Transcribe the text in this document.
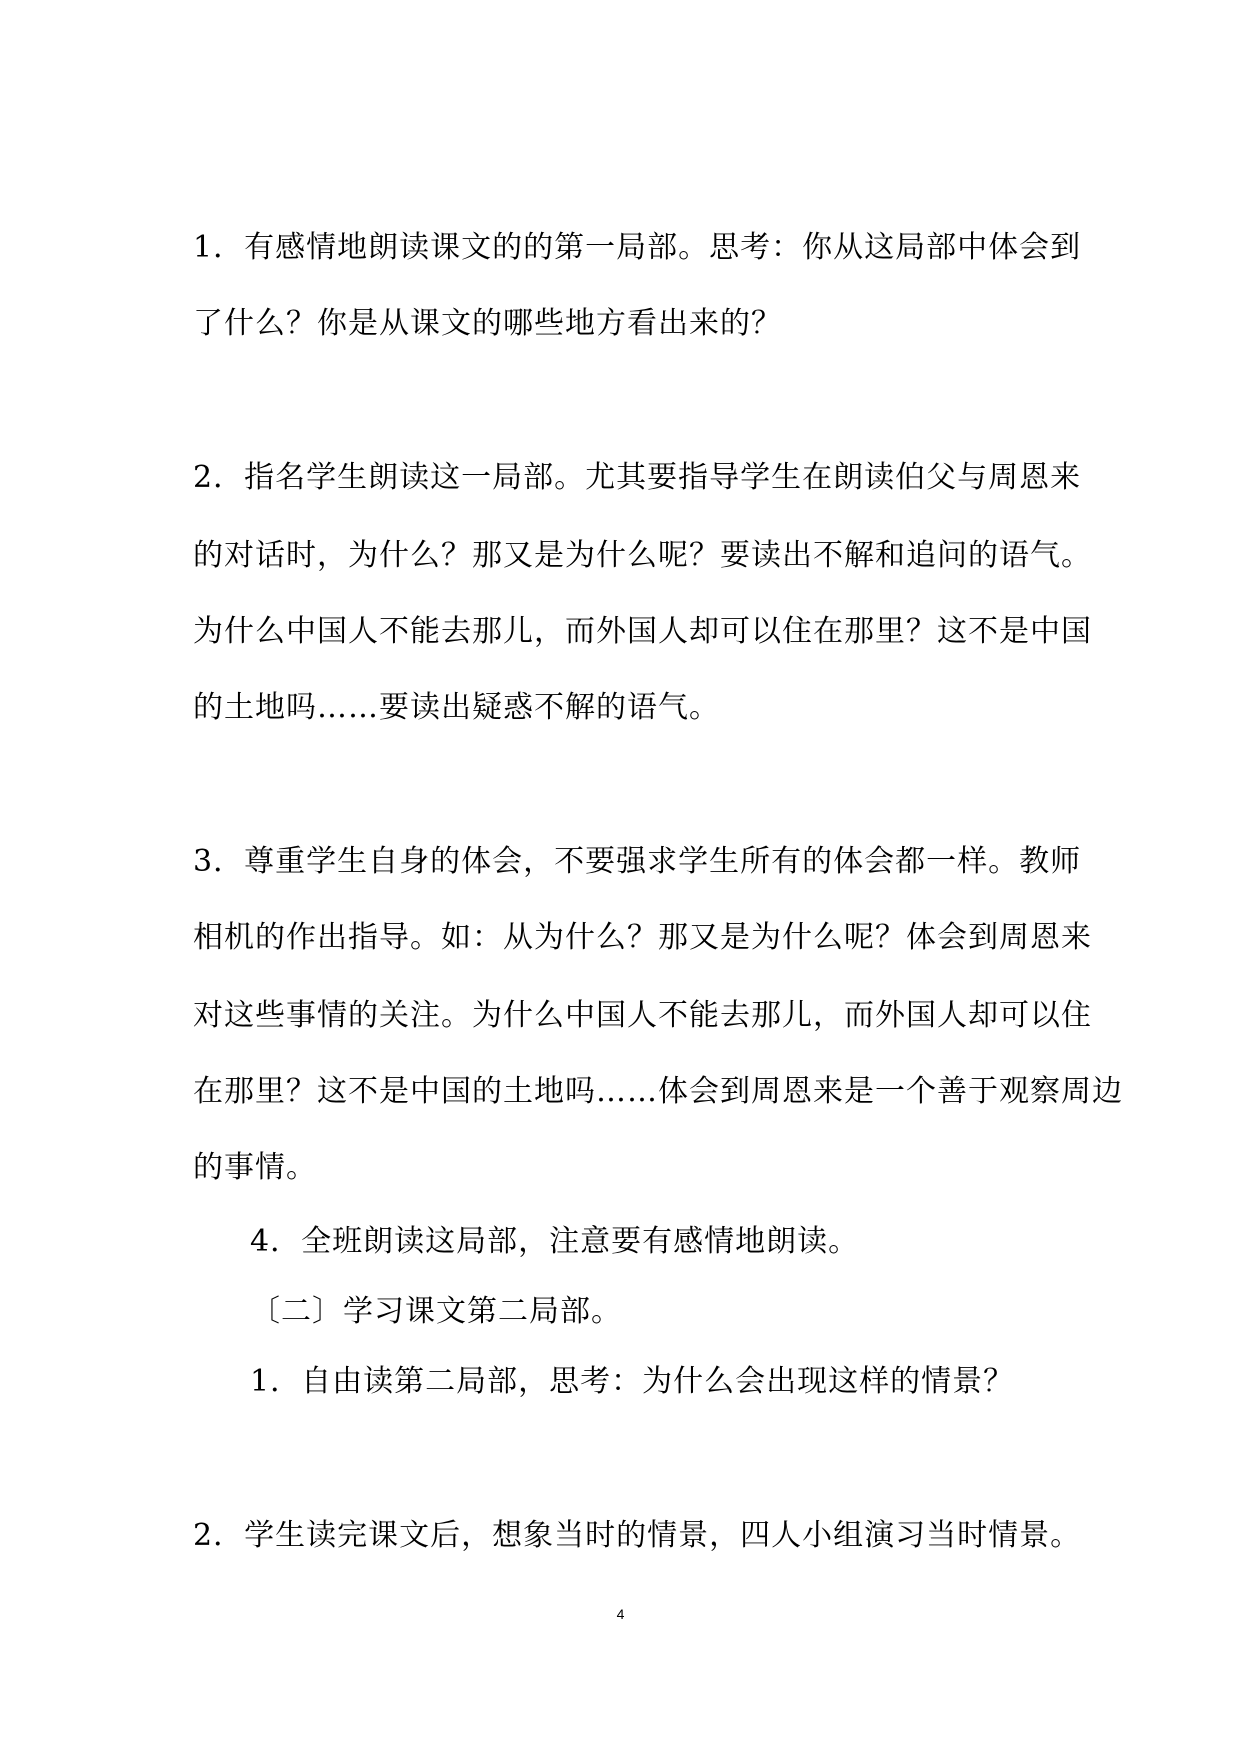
1．有感情地朗读课文的的第一局部。思考：你从这局部中体会到
了什么？你是从课文的哪些地方看出来的？
2．指名学生朗读这一局部。尤其要指导学生在朗读伯父与周恩来
的对话时，为什么？那又是为什么呢？要读出不解和追问的语气。
为什么中国人不能去那儿，而外国人却可以住在那里？这不是中国
的土地吗……要读出疑惑不解的语气。
3．尊重学生自身的体会，不要强求学生所有的体会都一样。教师
相机的作出指导。如：从为什么？那又是为什么呢？体会到周恩来
对这些事情的关注。为什么中国人不能去那儿，而外国人却可以住
在那里？这不是中国的土地吗……体会到周恩来是一个善于观察周边
的事情。
4．全班朗读这局部，注意要有感情地朗读。
〔二〕学习课文第二局部。
1．自由读第二局部，思考：为什么会出现这样的情景？
2．学生读完课文后，想象当时的情景，四人小组演习当时情景。
4
